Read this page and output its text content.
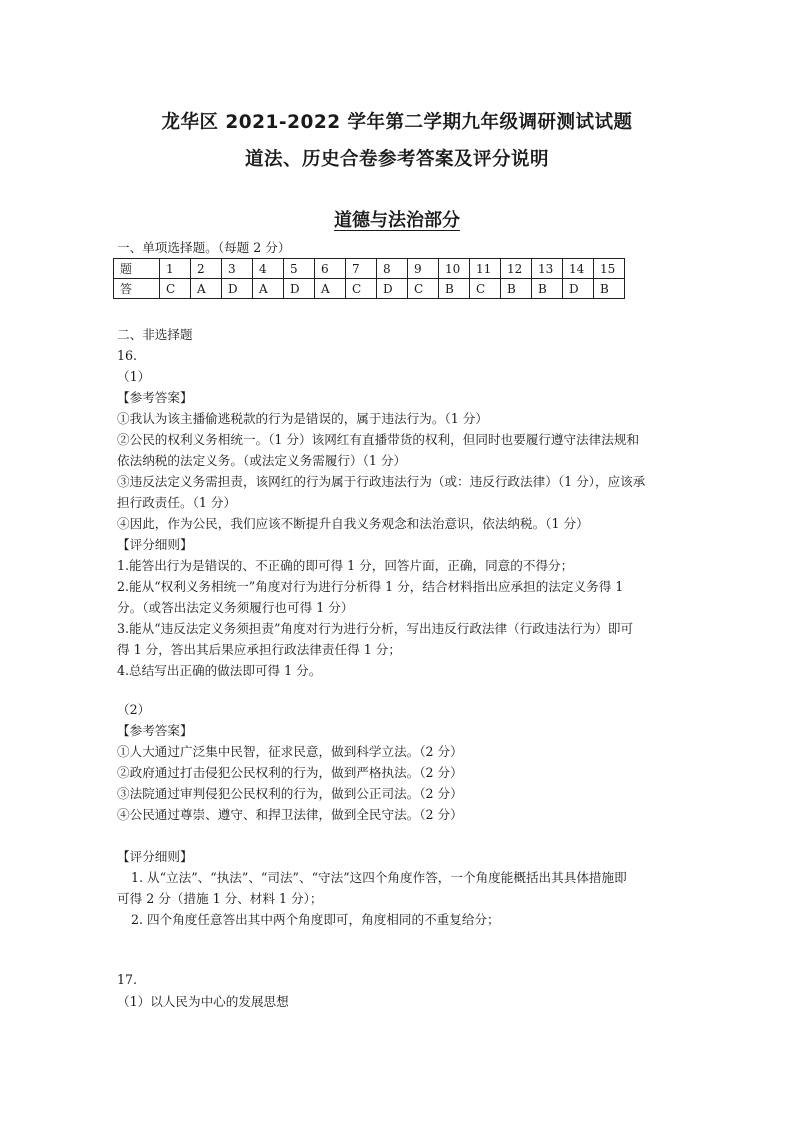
龙华区 2021-2022 学年第二学期九年级调研测试试题
道法、历史合卷参考答案及评分说明
道德与法治部分
一、单项选择题。（每题 2 分）
题	1	2	3	4	5	6	7	8	9	10	11	12	13	14	15
答	C	A	D	A	D	A	C	D	C	B	C	B	B	D	B
二、非选择题
16.
（1）
【参考答案】
①我认为该主播偷逃税款的行为是错误的，属于违法行为。（1 分）
②公民的权利义务相统一。（1 分）该网红有直播带货的权利，但同时也要履行遵守法律法规和
依法纳税的法定义务。（或法定义务需履行）（1 分）
③违反法定义务需担责，该网红的行为属于行政违法行为（或：违反行政法律）（1 分），应该承
担行政责任。（1 分）
④因此，作为公民，我们应该不断提升自我义务观念和法治意识，依法纳税。（1 分）
【评分细则】
1.能答出行为是错误的、不正确的即可得 1 分，回答片面，正确，同意的不得分；
2.能从“权利义务相统一”角度对行为进行分析得 1 分，结合材料指出应承担的法定义务得 1
分。（或答出法定义务须履行也可得 1 分）
3.能从“违反法定义务须担责”角度对行为进行分析，写出违反行政法律（行政违法行为）即可
得 1 分，答出其后果应承担行政法律责任得 1 分；
4.总结写出正确的做法即可得 1 分。
（2）
【参考答案】
①人大通过广泛集中民智，征求民意，做到科学立法。（2 分）
②政府通过打击侵犯公民权利的行为，做到严格执法。（2 分）
③法院通过审判侵犯公民权利的行为，做到公正司法。（2 分）
④公民通过尊崇、遵守、和捍卫法律，做到全民守法。（2 分）
【评分细则】
1. 从“立法”、“执法”、“司法”、“守法”这四个角度作答，一个角度能概括出其具体措施即
可得 2 分（措施 1 分、材料 1 分）；
2. 四个角度任意答出其中两个角度即可，角度相同的不重复给分；
17.
（1）以人民为中心的发展思想
